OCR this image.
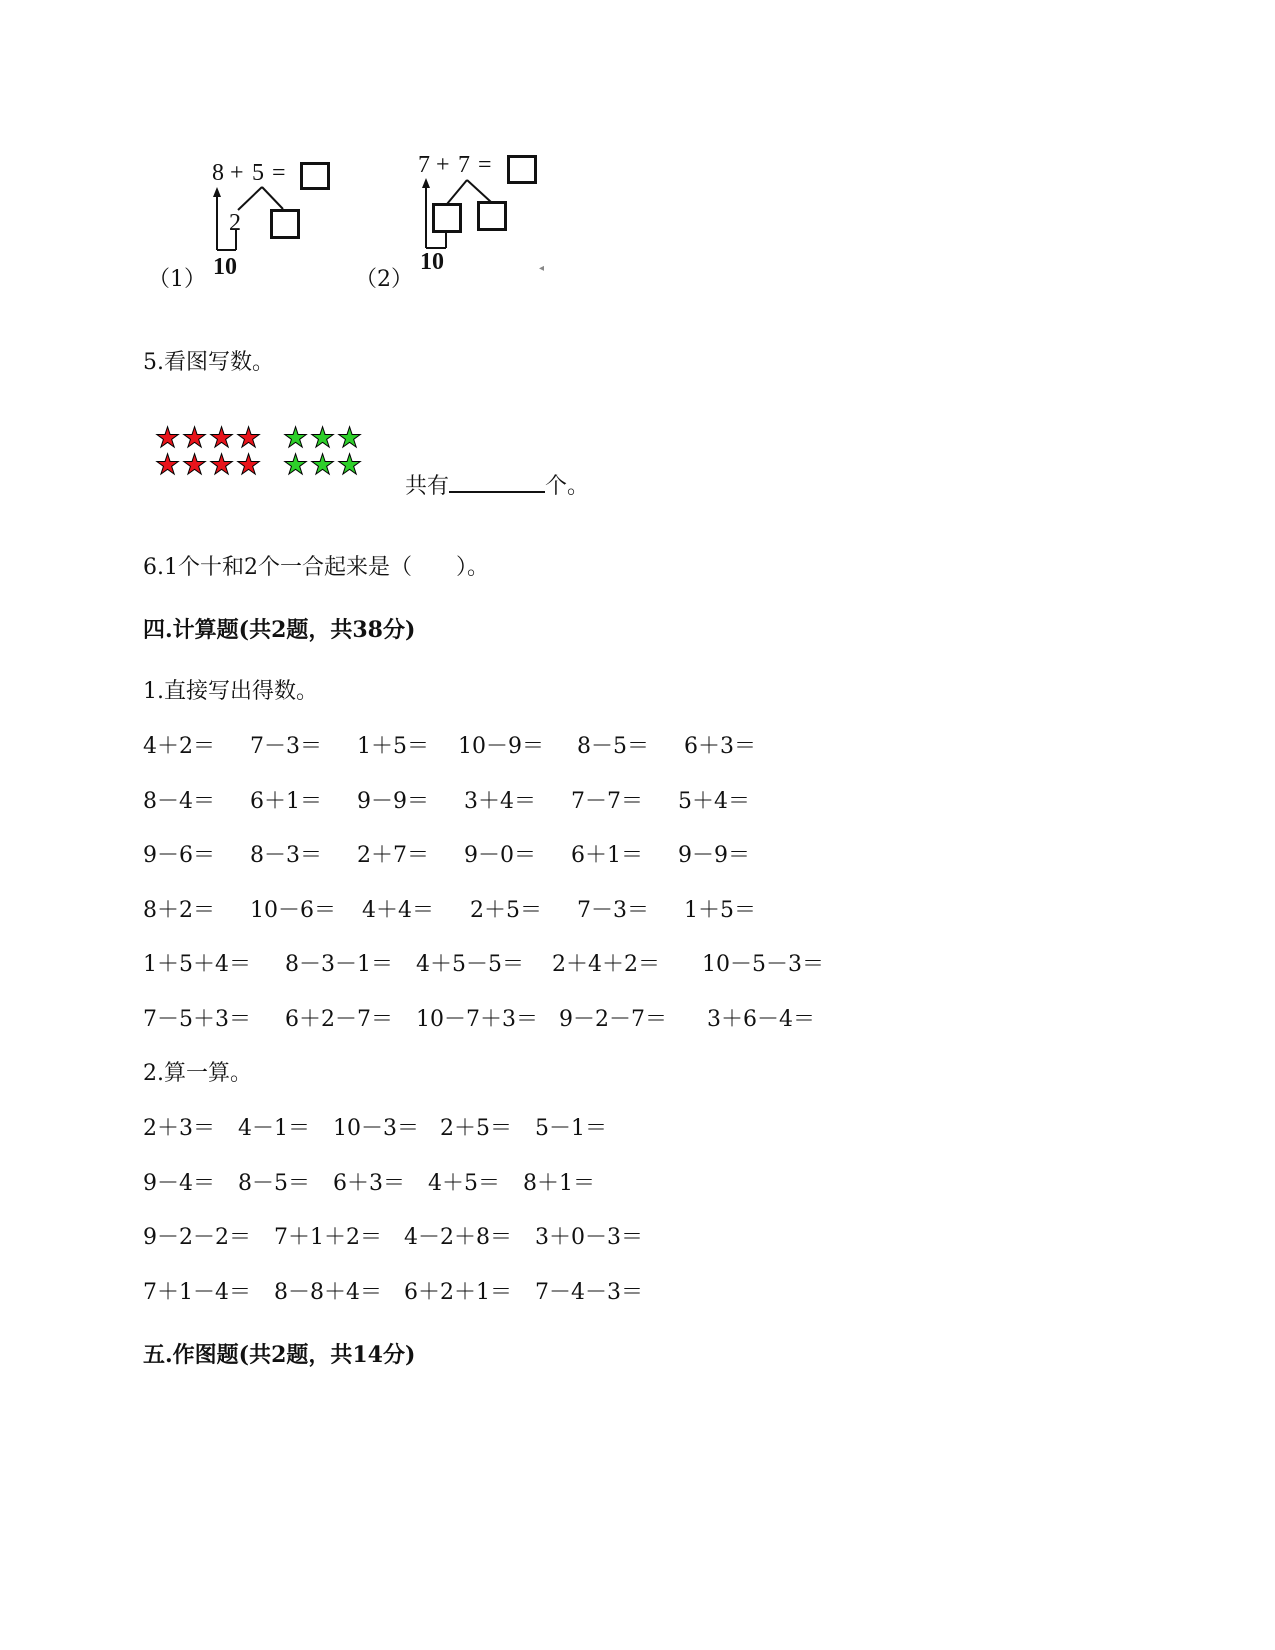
（1）
8 + 5 =
2
10	（2）
7 + 7 =
10	◂
5.看图写数。
★ ★ ★ ★
★ ★ ★ ★
★ ★ ★
★ ★ ★
共有	个。
6.1个十和2个一合起来是（　　）。
四.计算题(共2题，共38分)
1.直接写出得数。
4＋2＝ 7－3＝ 1＋5＝ 10－9＝ 8－5＝ 6＋3＝
8－4＝ 6＋1＝ 9－9＝ 3＋4＝ 7－7＝ 5＋4＝
9－6＝ 8－3＝ 2＋7＝ 9－0＝ 6＋1＝ 9－9＝
8＋2＝ 10－6＝ 4＋4＝ 2＋5＝ 7－3＝ 1＋5＝
1＋5＋4＝ 8－3－1＝ 4＋5－5＝ 2＋4＋2＝ 10－5－3＝
7－5＋3＝ 6＋2－7＝ 10－7＋3＝ 9－2－7＝ 3＋6－4＝
2.算一算。
2＋3＝ 4－1＝ 10－3＝ 2＋5＝ 5－1＝
9－4＝ 8－5＝ 6＋3＝ 4＋5＝ 8＋1＝
9－2－2＝ 7＋1＋2＝ 4－2＋8＝ 3＋0－3＝
7＋1－4＝ 8－8＋4＝ 6＋2＋1＝ 7－4－3＝
五.作图题(共2题，共14分)
